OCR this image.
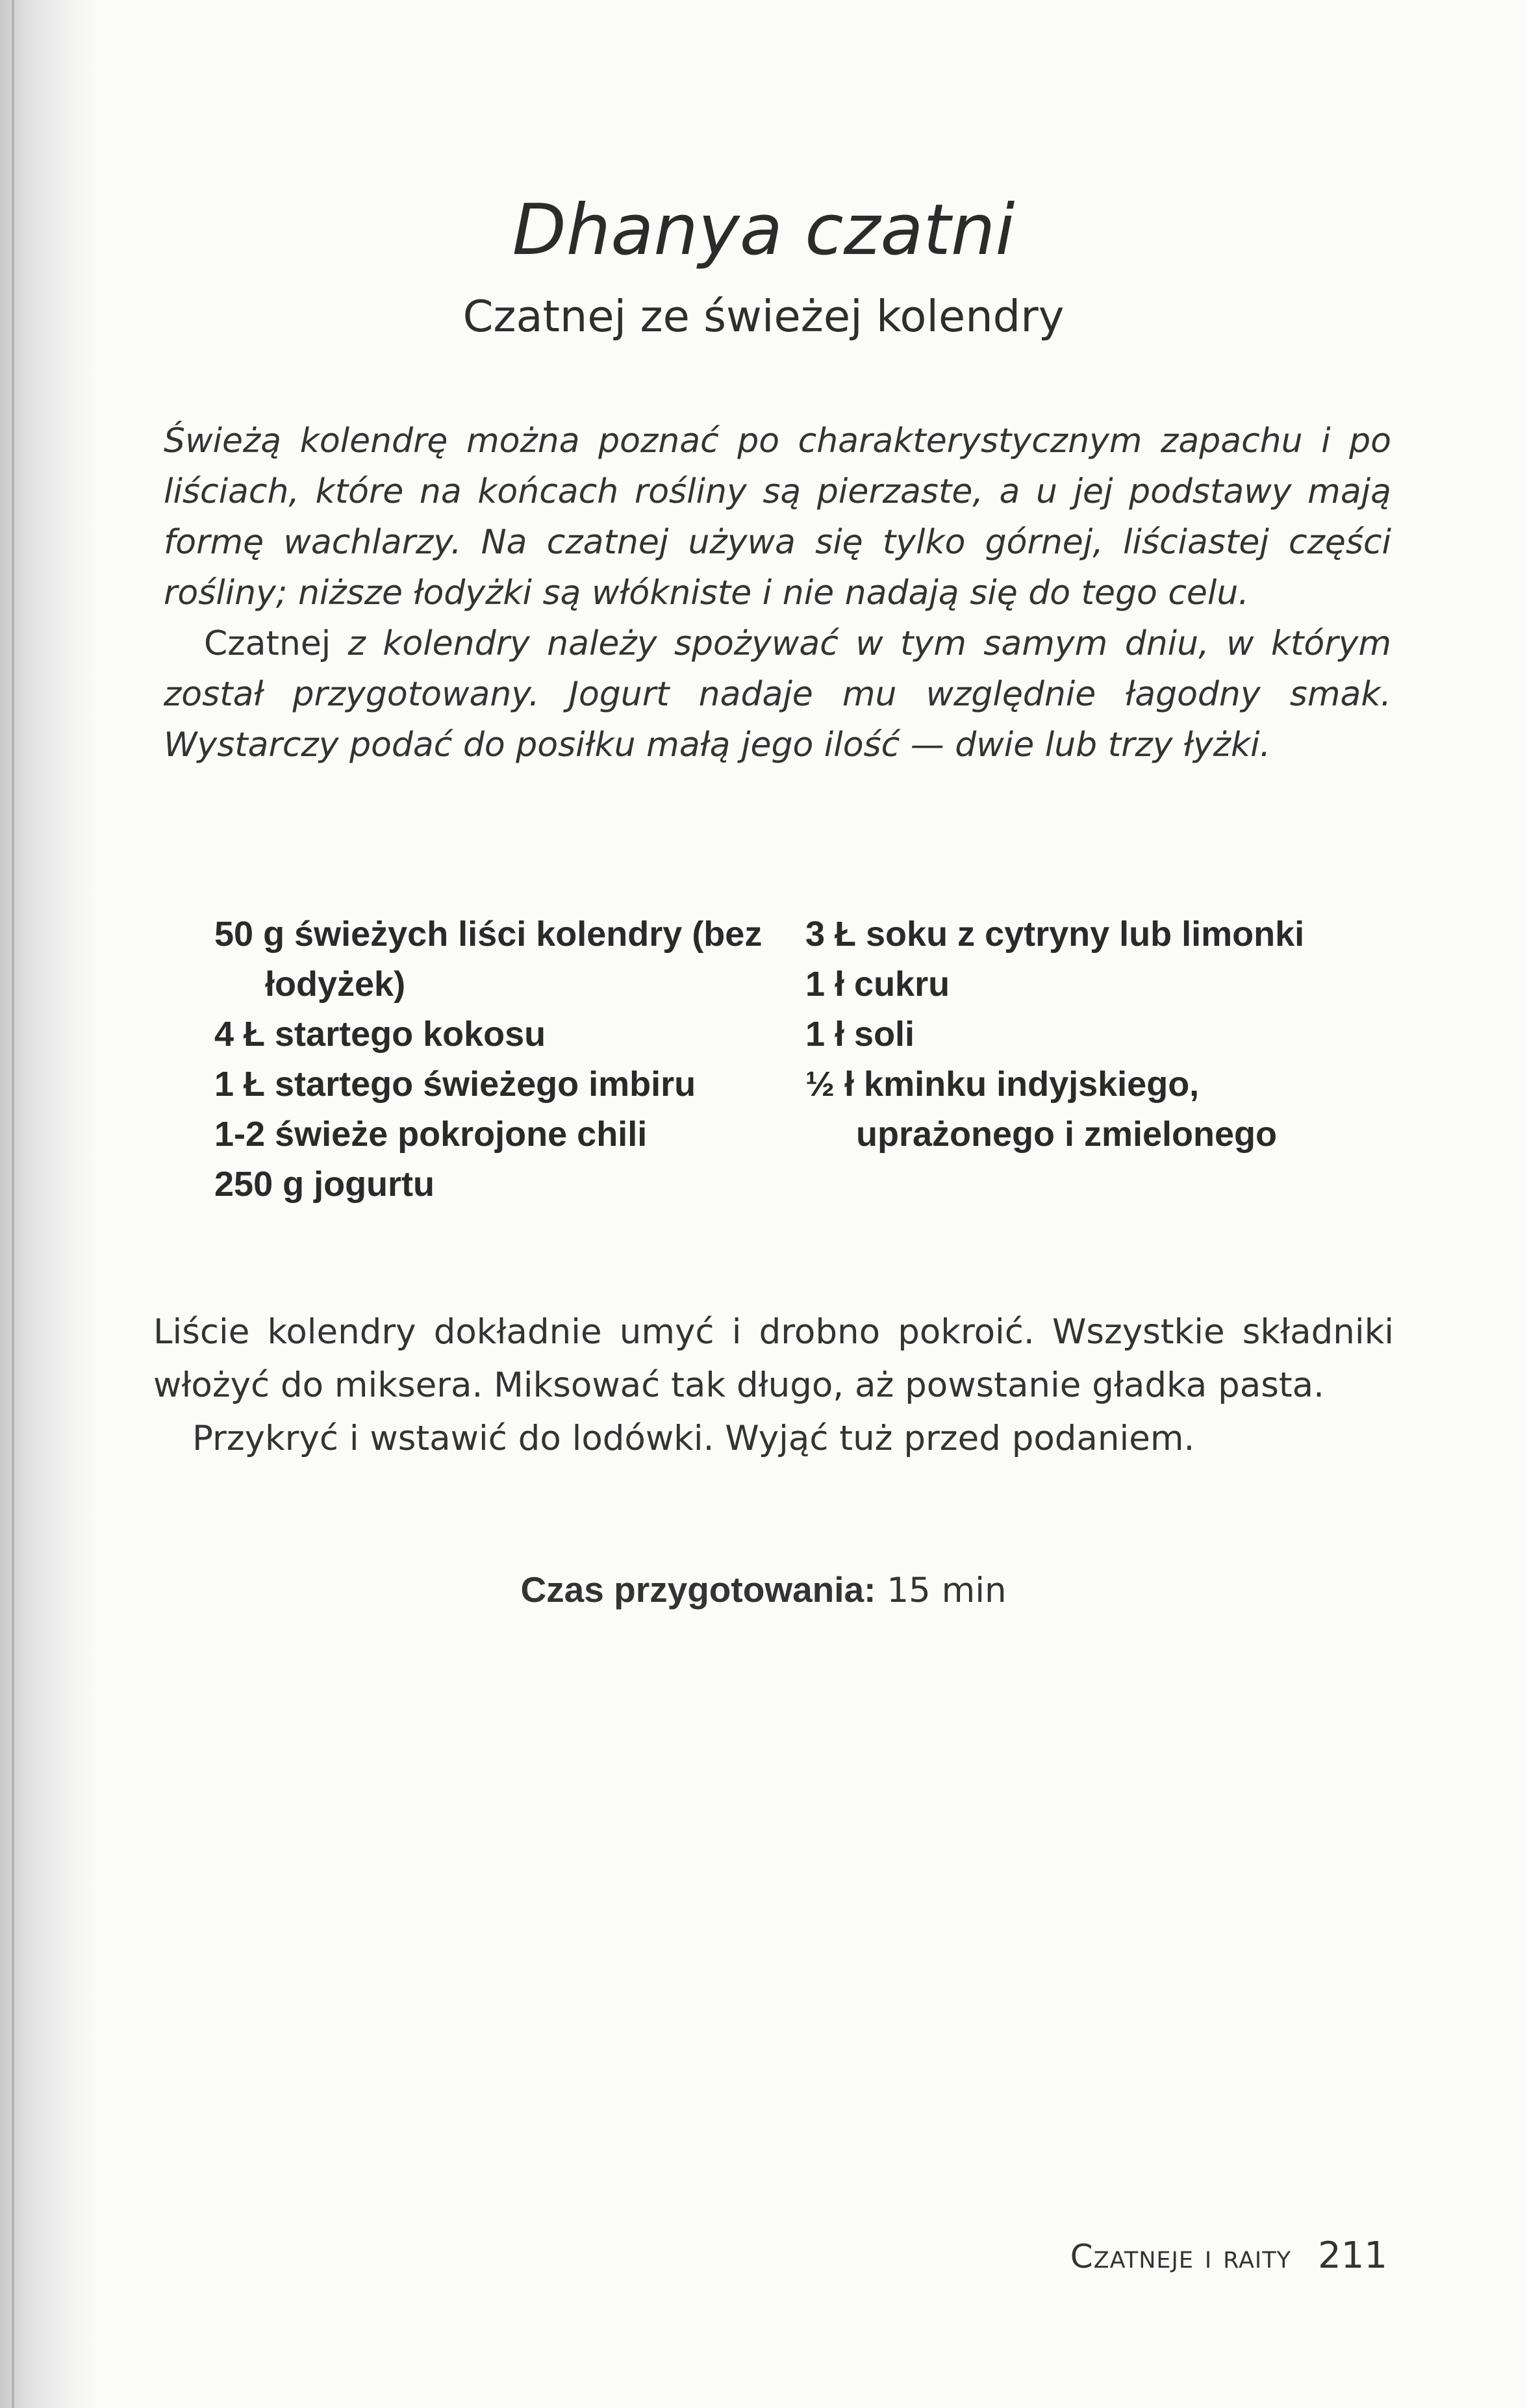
Dhanya czatni
Czatnej ze świeżej kolendry

Świeżą kolendrę można poznać po charakterystycznym zapachu i po liściach, które na końcach rośliny są pierzaste, a u jej podstawy mają formę wachlarzy. Na czatnej używa się tylko górnej, liściastej części rośliny; niższe łodyżki są włókniste i nie nadają się do tego celu.

Czatnej z kolendry należy spożywać w tym samym dniu, w którym został przygotowany. Jogurt nadaje mu względnie łagodny smak. Wystarczy podać do posiłku małą jego ilość — dwie lub trzy łyżki.

50 g świeżych liści kolendry (bez łodyżek)

4 Ł startego kokosu

1 Ł startego świeżego imbiru

1-2 świeże pokrojone chili

250 g jogurtu

3 Ł soku z cytryny lub limonki

1 ł cukru

1 ł soli

½ ł kminku indyjskiego, uprażonego i zmielonego

Liście kolendry dokładnie umyć i drobno pokroić. Wszystkie składniki włożyć do miksera. Miksować tak długo, aż powstanie gładka pasta.

Przykryć i wstawić do lodówki. Wyjąć tuż przed podaniem.

Czas przygotowania: 15 min
Czatneje i raity 211
